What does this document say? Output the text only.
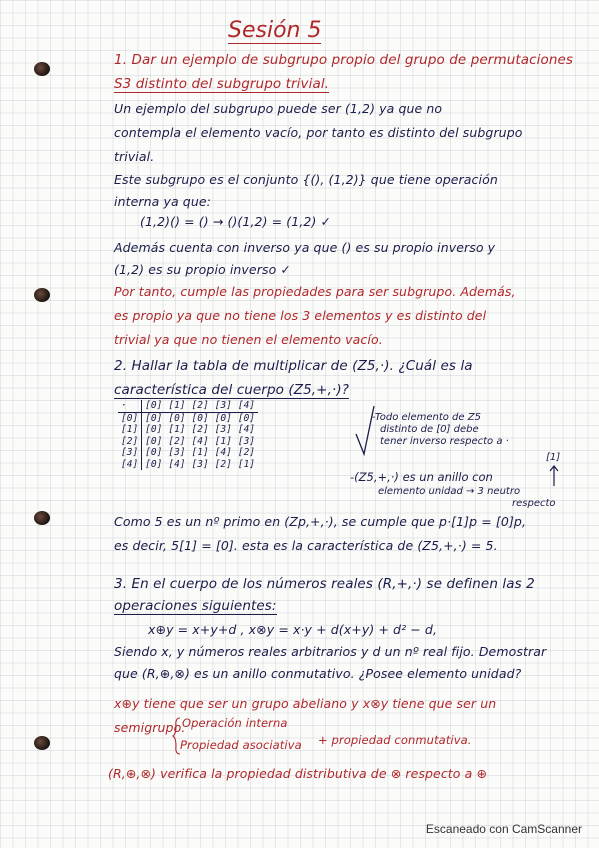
Sesión 5
1. Dar un ejemplo de subgrupo propio del grupo de permutaciones
S3 distinto del subgrupo trivial.
Un ejemplo del subgrupo puede ser (1,2) ya que no
contempla el elemento vacío, por tanto es distinto del subgrupo
trivial.
Este subgrupo es el conjunto {(), (1,2)} que tiene operación
interna ya que:
(1,2)() = () → ()(1,2) = (1,2) ✓
Además cuenta con inverso ya que () es su propio inverso y
(1,2) es su propio inverso ✓
Por tanto, cumple las propiedades para ser subgrupo. Además,
es propio ya que no tiene los 3 elementos y es distinto del
trivial ya que no tienen el elemento vacío.
2. Hallar la tabla de multiplicar de (Z5,·). ¿Cuál es la
característica del cuerpo (Z5,+,·)?
·	[0]	[1]	[2]	[3]	[4]
[0]	[0]	[0]	[0]	[0]	[0]
[1]	[0]	[1]	[2]	[3]	[4]
[2]	[0]	[2]	[4]	[1]	[3]
[3]	[0]	[3]	[1]	[4]	[2]
[4]	[0]	[4]	[3]	[2]	[1]
-Todo elemento de Z5
distinto de [0] debe
tener inverso respecto a ·
[1]
-(Z5,+,·) es un anillo con
elemento unidad → 3 neutro
respecto
Como 5 es un nº primo en (Zp,+,·), se cumple que p·[1]p = [0]p,
es decir, 5[1] = [0]. esta es la característica de (Z5,+,·) = 5.
3. En el cuerpo de los números reales (R,+,·) se definen las 2
operaciones siguientes:
x⊕y = x+y+d , x⊗y = x·y + d(x+y) + d² − d,
Siendo x, y números reales arbitrarios y d un nº real fijo. Demostrar
que (R,⊕,⊗) es un anillo conmutativo. ¿Posee elemento unidad?
x⊕y tiene que ser un grupo abeliano y x⊗y tiene que ser un
semigrupo.
Operación interna
Propiedad asociativa + propiedad conmutativa.
(R,⊕,⊗) verifica la propiedad distributiva de ⊗ respecto a ⊕
Escaneado con CamScanner
